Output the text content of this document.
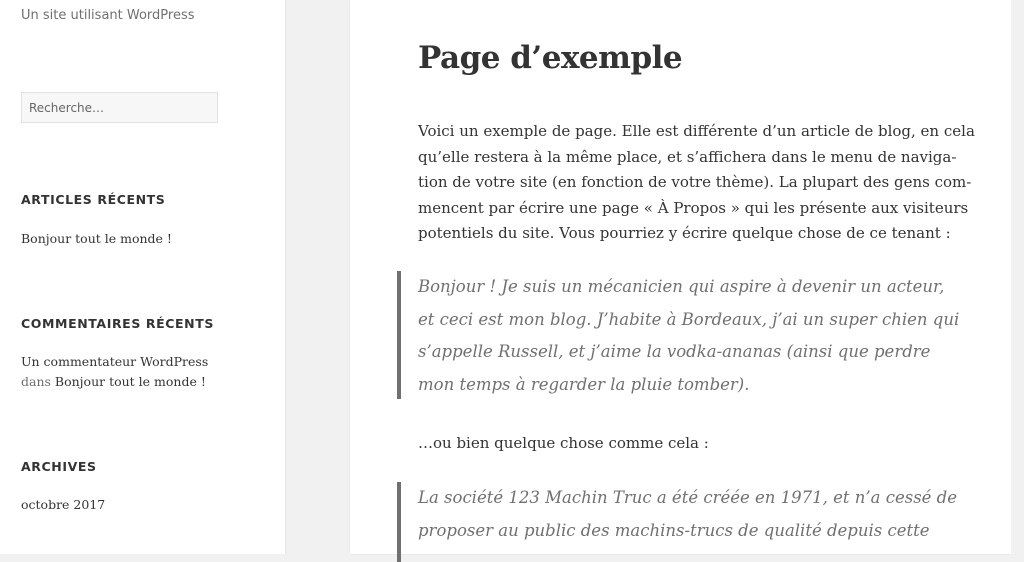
Un site utilisant WordPress
Recherche…
ARTICLES RÉCENTS
Bonjour tout le monde !
COMMENTAIRES RÉCENTS
Un commentateur WordPress
dans Bonjour tout le monde !
ARCHIVES
octobre 2017
Page d’exemple
Voici un exemple de page. Elle est différente d’un article de blog, en cela
qu’elle restera à la même place, et s’affichera dans le menu de naviga-
tion de votre site (en fonction de votre thème). La plupart des gens com-
mencent par écrire une page « À Propos » qui les présente aux visiteurs
potentiels du site. Vous pourriez y écrire quelque chose de ce tenant :
Bonjour ! Je suis un mécanicien qui aspire à devenir un acteur,
et ceci est mon blog. J’habite à Bordeaux, j’ai un super chien qui
s’appelle Russell, et j’aime la vodka-ananas (ainsi que perdre
mon temps à regarder la pluie tomber).
…ou bien quelque chose comme cela :
La société 123 Machin Truc a été créée en 1971, et n’a cessé de
proposer au public des machins-trucs de qualité depuis cette
